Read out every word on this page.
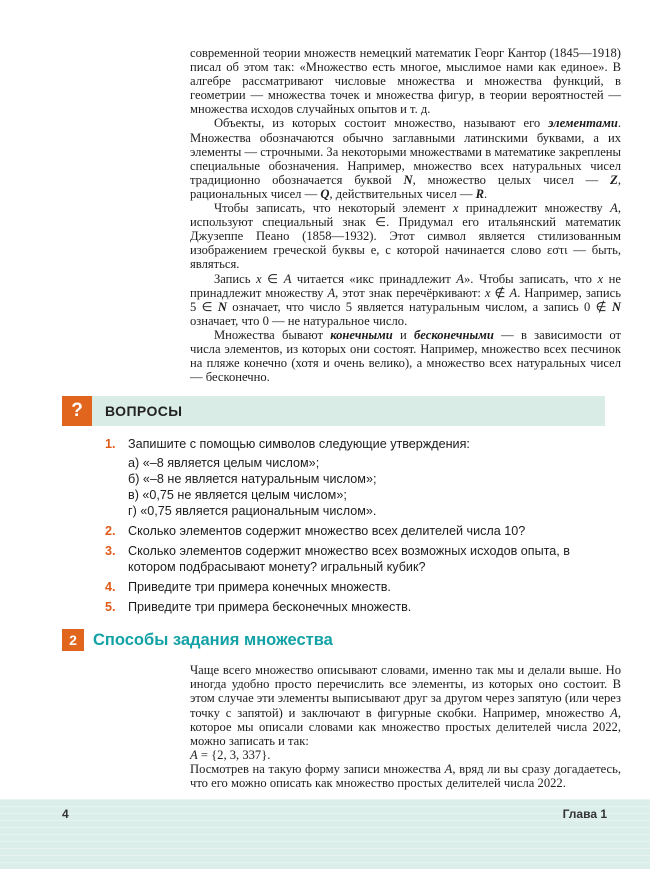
современной теории множеств немецкий математик Георг Кантор (1845—1918) писал об этом так: «Множество есть многое, мыслимое нами как единое». В алгебре рассматривают числовые множества и множества функций, в геометрии — множества точек и множества фигур, в теории вероятностей — множества исходов случайных опытов и т. д.

Объекты, из которых состоит множество, называют его элементами. Множества обозначаются обычно заглавными латинскими буквами, а их элементы — строчными. За некоторыми множествами в математике закреплены специальные обозначения. Например, множество всех натуральных чисел традиционно обозначается буквой N, множество целых чисел — Z, рациональных чисел — Q, действительных чисел — R.

Чтобы записать, что некоторый элемент x принадлежит множеству A, используют специальный знак ∈. Придумал его итальянский математик Джузеппе Пеано (1858—1932). Этот символ является стилизованным изображением греческой буквы е, с которой начинается слово εστι — быть, являться.

Запись x ∈ A читается «икс принадлежит A». Чтобы записать, что x не принадлежит множеству A, этот знак перечёркивают: x ∉ A. Например, запись 5 ∈ N означает, что число 5 является натуральным числом, а запись 0 ∉ N означает, что 0 — не натуральное число.

Множества бывают конечными и бесконечными — в зависимости от числа элементов, из которых они состоят. Например, множество всех песчинок на пляже конечно (хотя и очень велико), а множество всех натуральных чисел — бесконечно.

?	ВОПРОСЫ
1. Запишите с помощью символов следующие утверждения:
а) «–8 является целым числом»;
б) «–8 не является натуральным числом»;
в) «0,75 не является целым числом»;
г) «0,75 является рациональным числом».
2. Сколько элементов содержит множество всех делителей числа 10?
3. Сколько элементов содержит множество всех возможных исходов опыта, в котором подбрасывают монету? игральный кубик?
4. Приведите три примера конечных множеств.
5. Приведите три примера бесконечных множеств.
2 Способы задания множества

Чаще всего множество описывают словами, именно так мы и делали выше. Но иногда удобно просто перечислить все элементы, из которых оно состоит. В этом случае эти элементы выписывают друг за другом через запятую (или через точку с запятой) и заключают в фигурные скобки. Например, множество A, которое мы описали словами как множество простых делителей числа 2022, можно записать и так:

A = {2, 3, 337}.

Посмотрев на такую форму записи множества A, вряд ли вы сразу догадаетесь, что его можно описать как множество простых делителей числа 2022.

4	Глава 1
